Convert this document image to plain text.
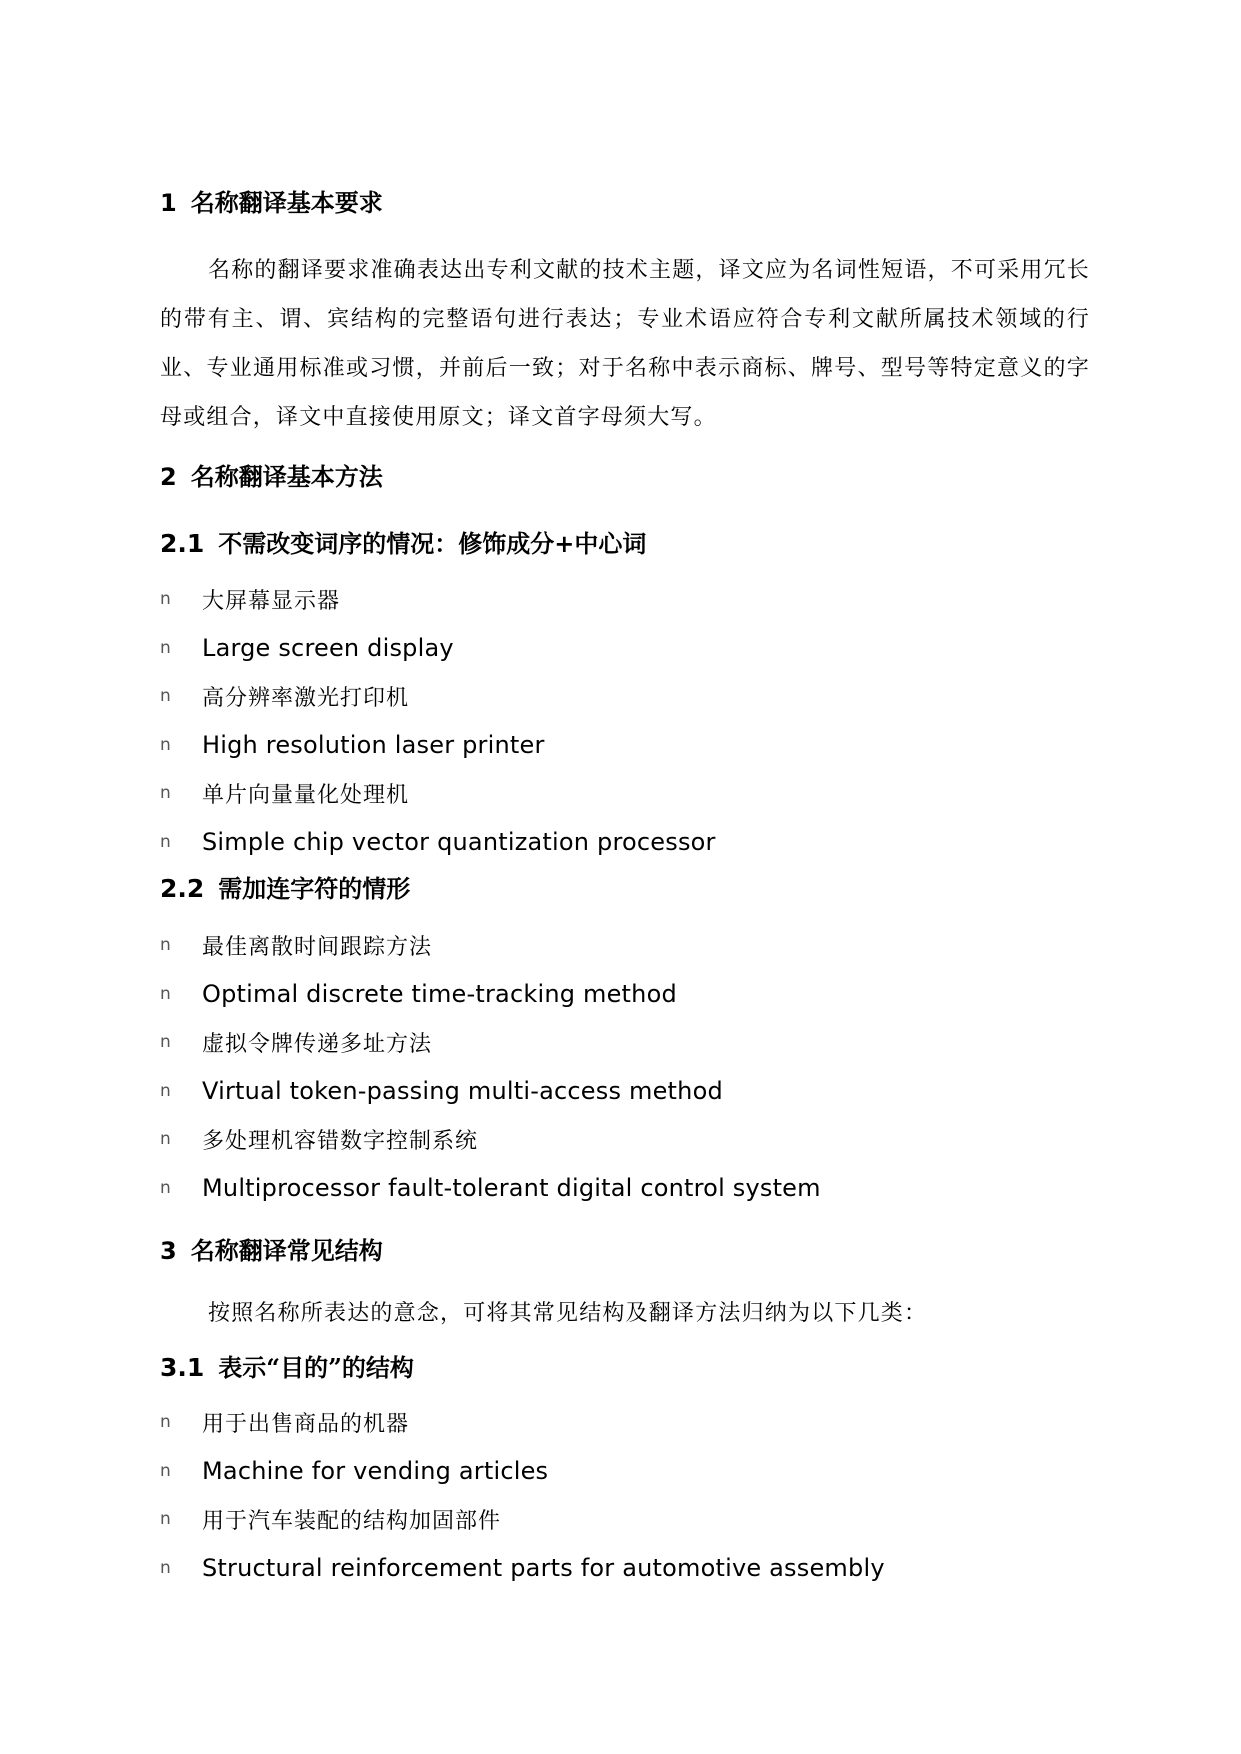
1 名称翻译基本要求
名称的翻译要求准确表达出专利文献的技术主题，译文应为名词性短语，不可采用冗长的带有主、谓、宾结构的完整语句进行表达；专业术语应符合专利文献所属技术领域的行业、专业通用标准或习惯，并前后一致；对于名称中表示商标、牌号、型号等特定意义的字母或组合，译文中直接使用原文；译文首字母须大写。
2 名称翻译基本方法
2.1 不需改变词序的情况：修饰成分+中心词
n	大屏幕显示器
n	Large screen display
n	高分辨率激光打印机
n	High resolution laser printer
n	单片向量量化处理机
n	Simple chip vector quantization processor
2.2 需加连字符的情形
n	最佳离散时间跟踪方法
n	Optimal discrete time-tracking method
n	虚拟令牌传递多址方法
n	Virtual token-passing multi-access method
n	多处理机容错数字控制系统
n	Multiprocessor fault-tolerant digital control system
3 名称翻译常见结构
按照名称所表达的意念，可将其常见结构及翻译方法归纳为以下几类：
3.1 表示“目的”的结构
n	用于出售商品的机器
n	Machine for vending articles
n	用于汽车装配的结构加固部件
n	Structural reinforcement parts for automotive assembly
